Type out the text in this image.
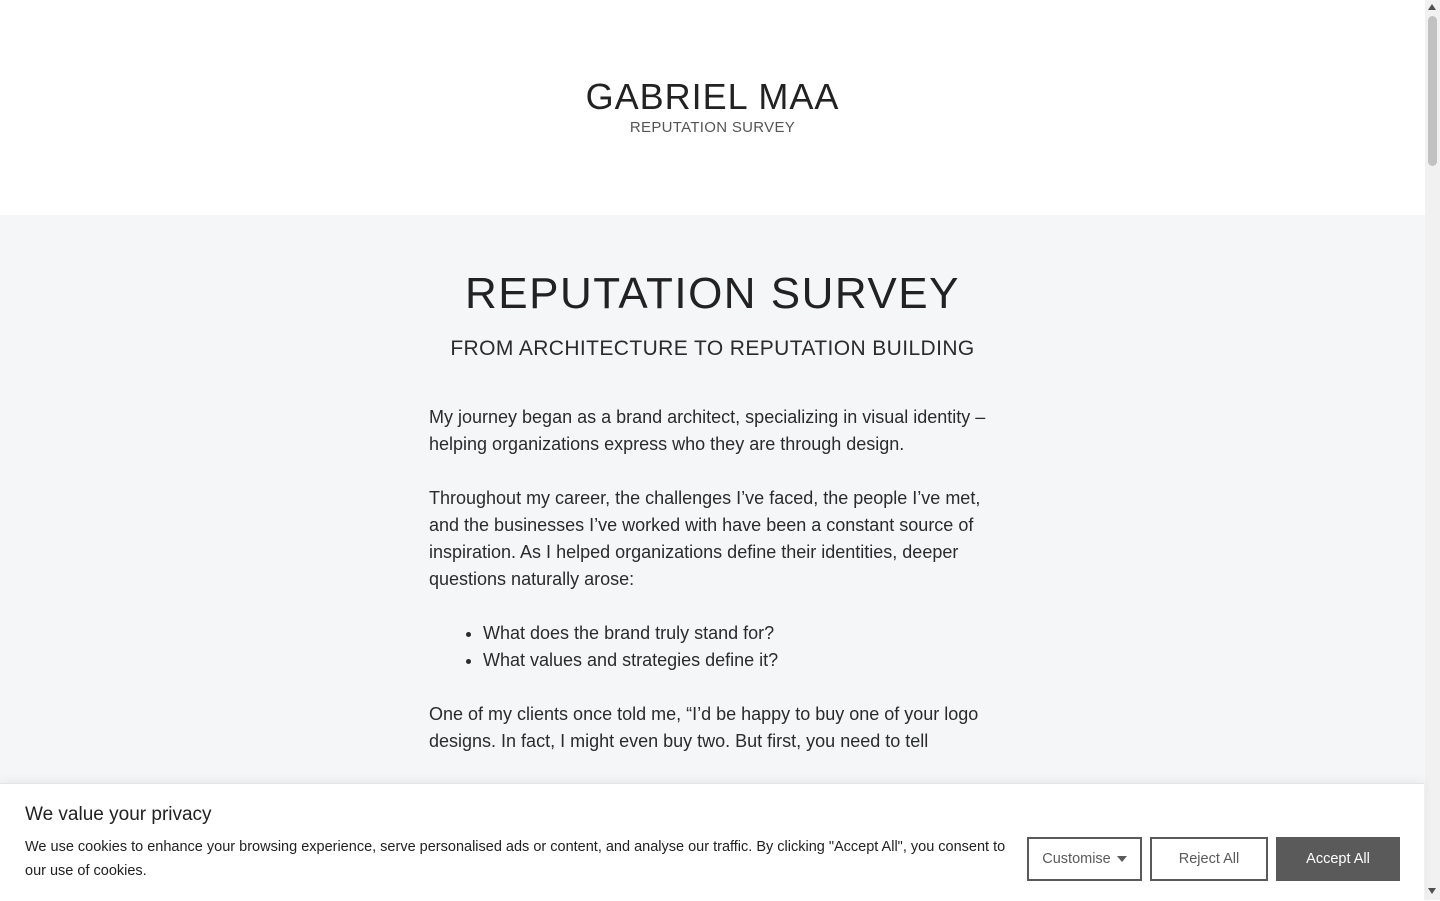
GABRIEL MAA
REPUTATION SURVEY
REPUTATION SURVEY
FROM ARCHITECTURE TO REPUTATION BUILDING

My journey began as a brand architect, specializing in visual identity – helping organizations express who they are through design.

Throughout my career, the challenges I’ve faced, the people I’ve met, and the businesses I’ve worked with have been a constant source of inspiration. As I helped organizations define their identities, deeper questions naturally arose:

• What does the brand truly stand for?
• What values and strategies define it?

One of my clients once told me, “I’d be happy to buy one of your logo designs. In fact, I might even buy two. But first, you need to tell

We value your privacy
We use cookies to enhance your browsing experience, serve personalised ads or content, and analyse our traffic. By clicking "Accept All", you consent to our use of cookies.
Customise	Reject All	Accept All
